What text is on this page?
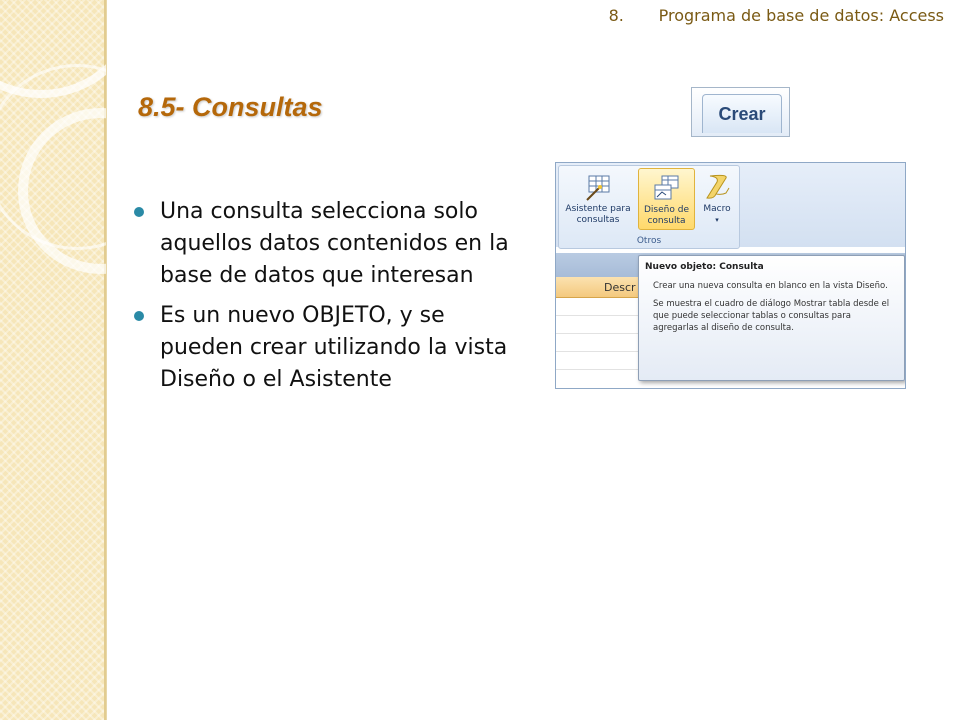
8. Programa de base de datos: Access
8.5- Consultas
Una consulta selecciona solo aquellos datos contenidos en la base de datos que interesan
Es un nuevo OBJETO, y se pueden crear utilizando la vista Diseño o el Asistente
Crear
Asistente para consultas
Diseño de consulta
Macro
▾
Otros
Descr

Nuevo objeto: Consulta

Crear una nueva consulta en blanco en la vista Diseño.

Se muestra el cuadro de diálogo Mostrar tabla desde el que puede seleccionar tablas o consultas para agregarlas al diseño de consulta.
